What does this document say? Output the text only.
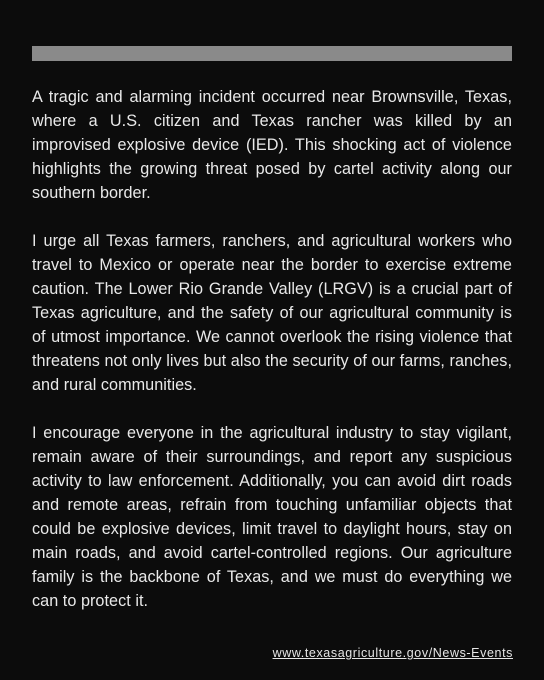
A tragic and alarming incident occurred near Brownsville, Texas, where a U.S. citizen and Texas rancher was killed by an improvised explosive device (IED). This shocking act of violence highlights the growing threat posed by cartel activity along our southern border.

I urge all Texas farmers, ranchers, and agricultural workers who travel to Mexico or operate near the border to exercise extreme caution. The Lower Rio Grande Valley (LRGV) is a crucial part of Texas agriculture, and the safety of our agricultural community is of utmost importance. We cannot overlook the rising violence that threatens not only lives but also the security of our farms, ranches, and rural communities.

I encourage everyone in the agricultural industry to stay vigilant, remain aware of their surroundings, and report any suspicious activity to law enforcement. Additionally, you can avoid dirt roads and remote areas, refrain from touching unfamiliar objects that could be explosive devices, limit travel to daylight hours, stay on main roads, and avoid cartel-controlled regions. Our agriculture family is the backbone of Texas, and we must do everything we can to protect it.

www.texasagriculture.gov/News-Events
